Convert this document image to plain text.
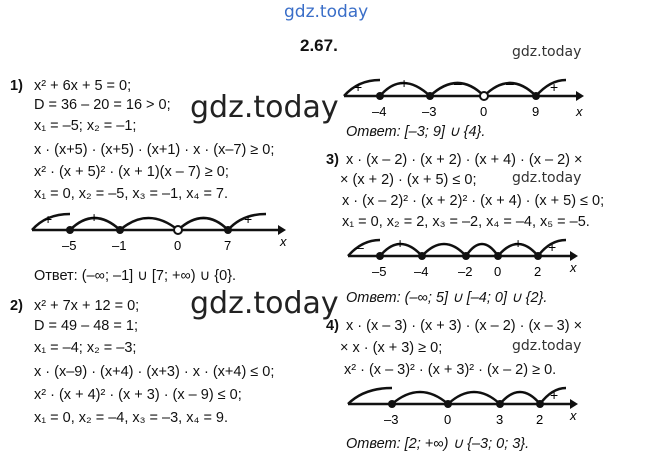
gdz.today
gdz.today
gdz.today
gdz.today
gdz.today
gdz.today
2.67.
1) x² + 6x + 5 = 0;
D = 36 – 20 = 16 > 0;
x₁ = –5; x₂ = –1;
x · (x+5) · (x+5) · (x+1) · x · (x–7) ≥ 0;
x² · (x + 5)² · (x + 1)(x – 7) ≥ 0;
x₁ = 0, x₂ = –5, x₃ = –1, x₄ = 7.
+	+	–	–	+
–5	–1	0	7	x
Ответ: (–∞; –1] ∪ [7; +∞) ∪ {0}.
2) x² + 7x + 12 = 0;
D = 49 – 48 = 1;
x₁ = –4; x₂ = –3;
x · (x–9) · (x+4) · (x+3) · x · (x+4) ≤ 0;
x² · (x + 4)² · (x + 3) · (x – 9) ≤ 0;
x₁ = 0, x₂ = –4, x₃ = –3, x₄ = 9.
+	+	–	–	+
–4	–3	0	9	x
Ответ: [–3; 9] ∪ {4}.
3) x · (x – 2) · (x + 2) · (x + 4) · (x – 2) ×
× (x + 2) · (x + 5) ≤ 0;
x · (x – 2)² · (x + 2)² · (x + 4) · (x + 5) ≤ 0;
x₁ = 0, x₂ = 2, x₃ = –2, x₄ = –4, x₅ = –5.
– +	– – + +
–5 –4 –2 0	2 x
Ответ: (–∞; 5] ∪ [–4; 0] ∪ {2}.
4) x · (x – 3) · (x + 3) · (x – 2) · (x – 3) ×
× x · (x + 3) ≥ 0;
x² · (x – 3)² · (x + 3)² · (x – 2) ≥ 0.
–	–	– +
–3	0	3	2 x
Ответ: [2; +∞) ∪ {–3; 0; 3}.
